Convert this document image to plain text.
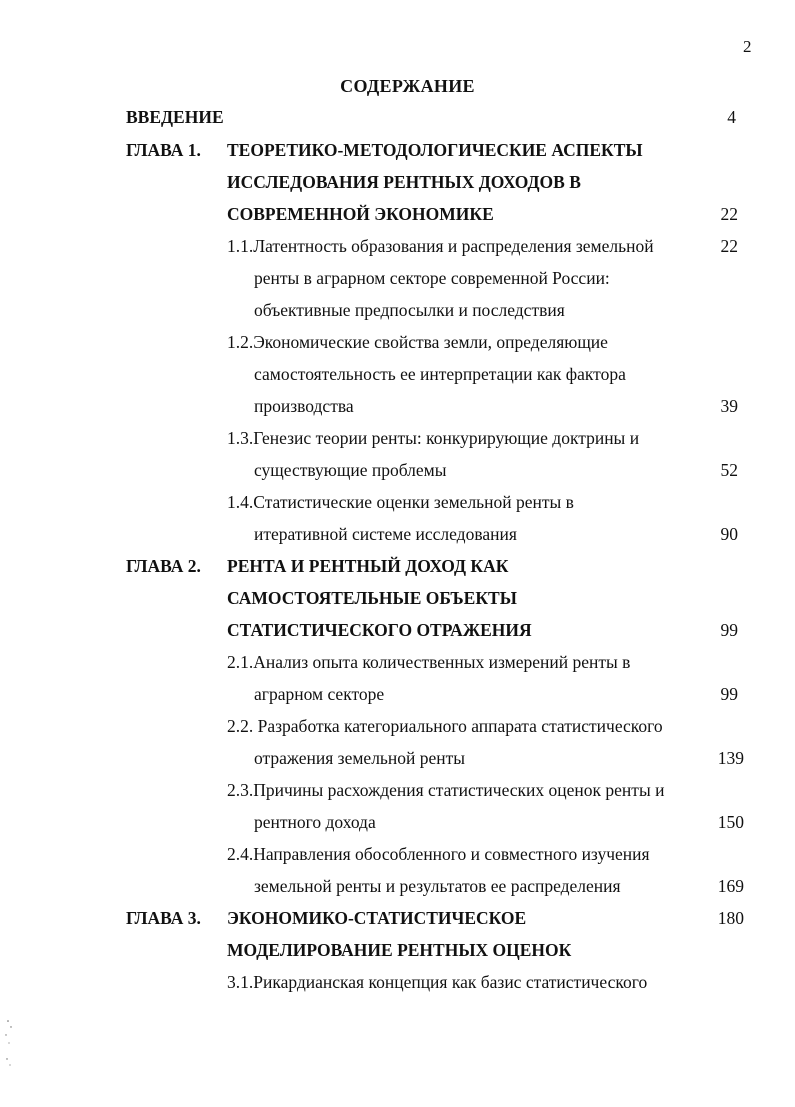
2
СОДЕРЖАНИЕ
ВВЕДЕНИЕ	4
ГЛАВА 1. ТЕОРЕТИКО-МЕТОДОЛОГИЧЕСКИЕ АСПЕКТЫ
ИССЛЕДОВАНИЯ РЕНТНЫХ ДОХОДОВ В
СОВРЕМЕННОЙ ЭКОНОМИКЕ	22
1.1.Латентность образования и распределения земельной	22
ренты в аграрном секторе современной России:
объективные предпосылки и последствия
1.2.Экономические свойства земли, определяющие
самостоятельность ее интерпретации как фактора
производства	39
1.3.Генезис теории ренты: конкурирующие доктрины и
существующие проблемы	52
1.4.Статистические оценки земельной ренты в
итеративной системе исследования	90
ГЛАВА 2. РЕНТА И РЕНТНЫЙ ДОХОД КАК
САМОСТОЯТЕЛЬНЫЕ ОБЪЕКТЫ
СТАТИСТИЧЕСКОГО ОТРАЖЕНИЯ	99
2.1.Анализ опыта количественных измерений ренты в
аграрном секторе	99
2.2. Разработка категориального аппарата статистического
отражения земельной ренты	139
2.3.Причины расхождения статистических оценок ренты и
рентного дохода	150
2.4.Направления обособленного и совместного изучения
земельной ренты и результатов ее распределения	169
ГЛАВА 3. ЭКОНОМИКО-СТАТИСТИЧЕСКОЕ	180
МОДЕЛИРОВАНИЕ РЕНТНЫХ ОЦЕНОК
3.1.Рикардианская концепция как базис статистического
